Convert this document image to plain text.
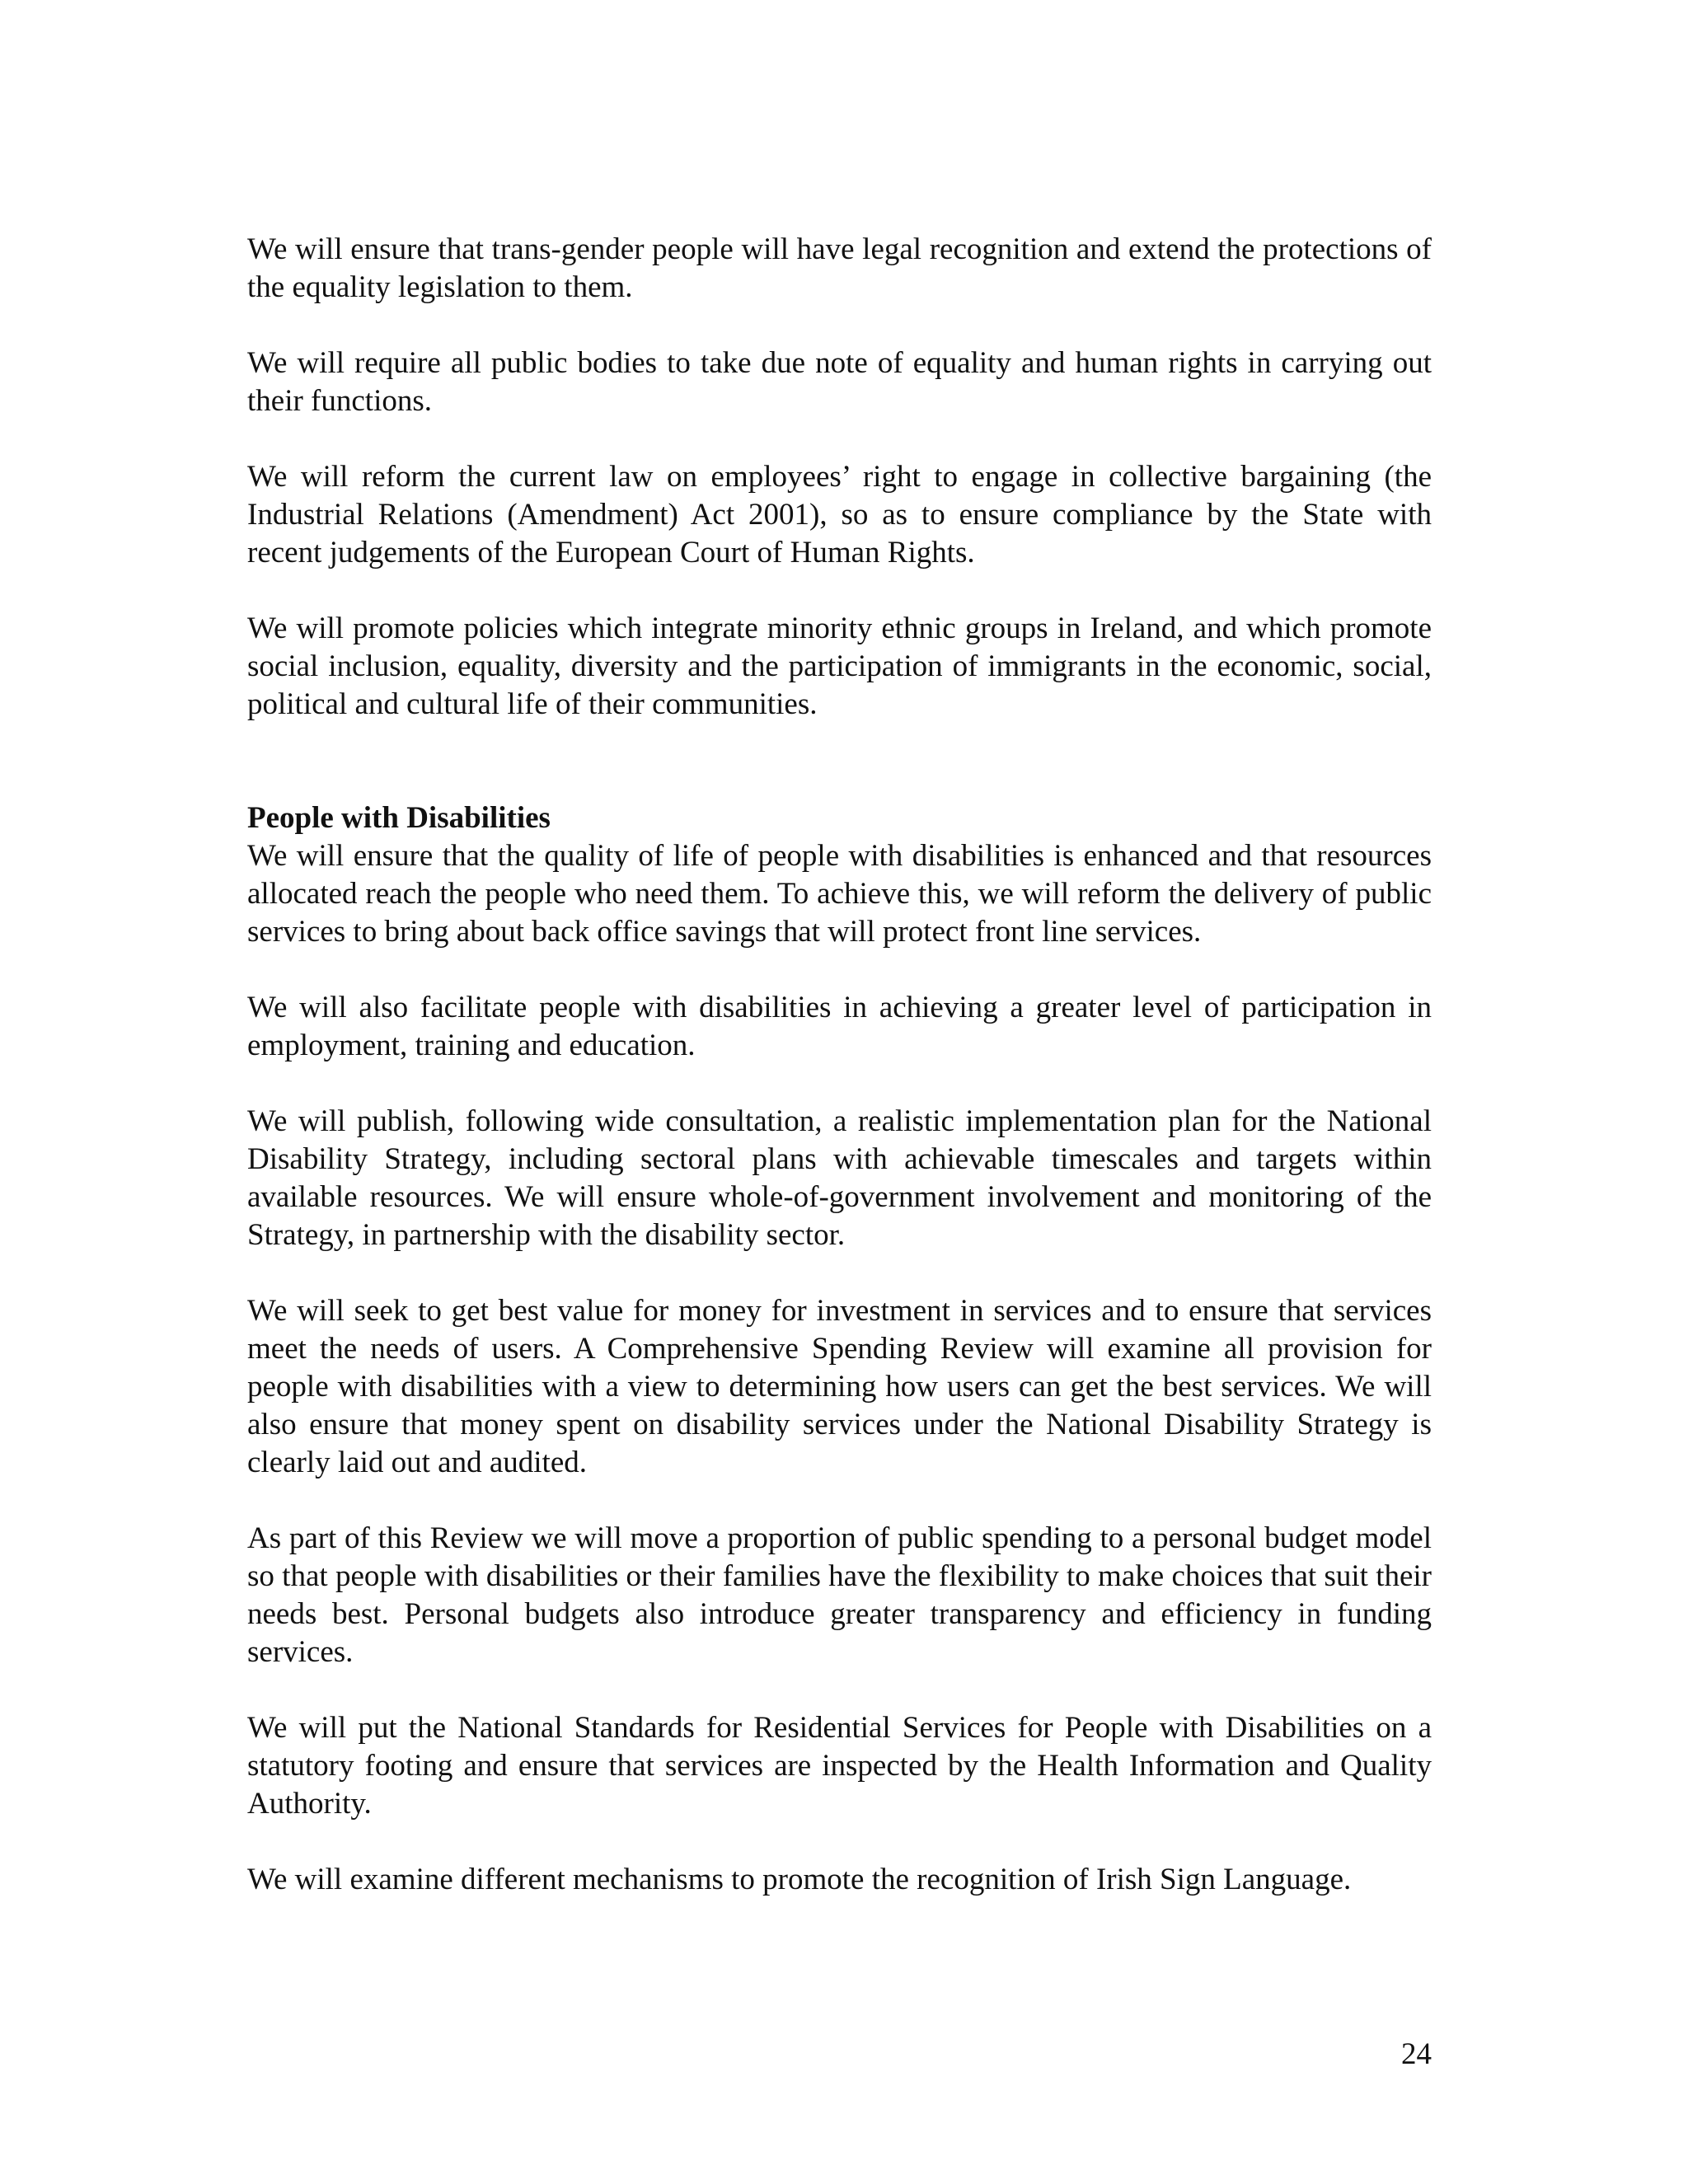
We will ensure that trans-gender people will have legal recognition and extend the protections of the equality legislation to them.

We will require all public bodies to take due note of equality and human rights in carrying out their functions.

We will reform the current law on employees’ right to engage in collective bargaining (the Industrial Relations (Amendment) Act 2001), so as to ensure compliance by the State with recent judgements of the European Court of Human Rights.

We will promote policies which integrate minority ethnic groups in Ireland, and which promote social inclusion, equality, diversity and the participation of immigrants in the economic, social, political and cultural life of their communities.

People with Disabilities

We will ensure that the quality of life of people with disabilities is enhanced and that resources allocated reach the people who need them. To achieve this, we will reform the delivery of public services to bring about back office savings that will protect front line services.

We will also facilitate people with disabilities in achieving a greater level of participation in employment, training and education.

We will publish, following wide consultation, a realistic implementation plan for the National Disability Strategy, including sectoral plans with achievable timescales and targets within available resources. We will ensure whole-of-government involvement and monitoring of the Strategy, in partnership with the disability sector.

We will seek to get best value for money for investment in services and to ensure that services meet the needs of users. A Comprehensive Spending Review will examine all provision for people with disabilities with a view to determining how users can get the best services. We will also ensure that money spent on disability services under the National Disability Strategy is clearly laid out and audited.

As part of this Review we will move a proportion of public spending to a personal budget model so that people with disabilities or their families have the flexibility to make choices that suit their needs best. Personal budgets also introduce greater transparency and efficiency in funding services.

We will put the National Standards for Residential Services for People with Disabilities on a statutory footing and ensure that services are inspected by the Health Information and Quality Authority.

We will examine different mechanisms to promote the recognition of Irish Sign Language.

24
